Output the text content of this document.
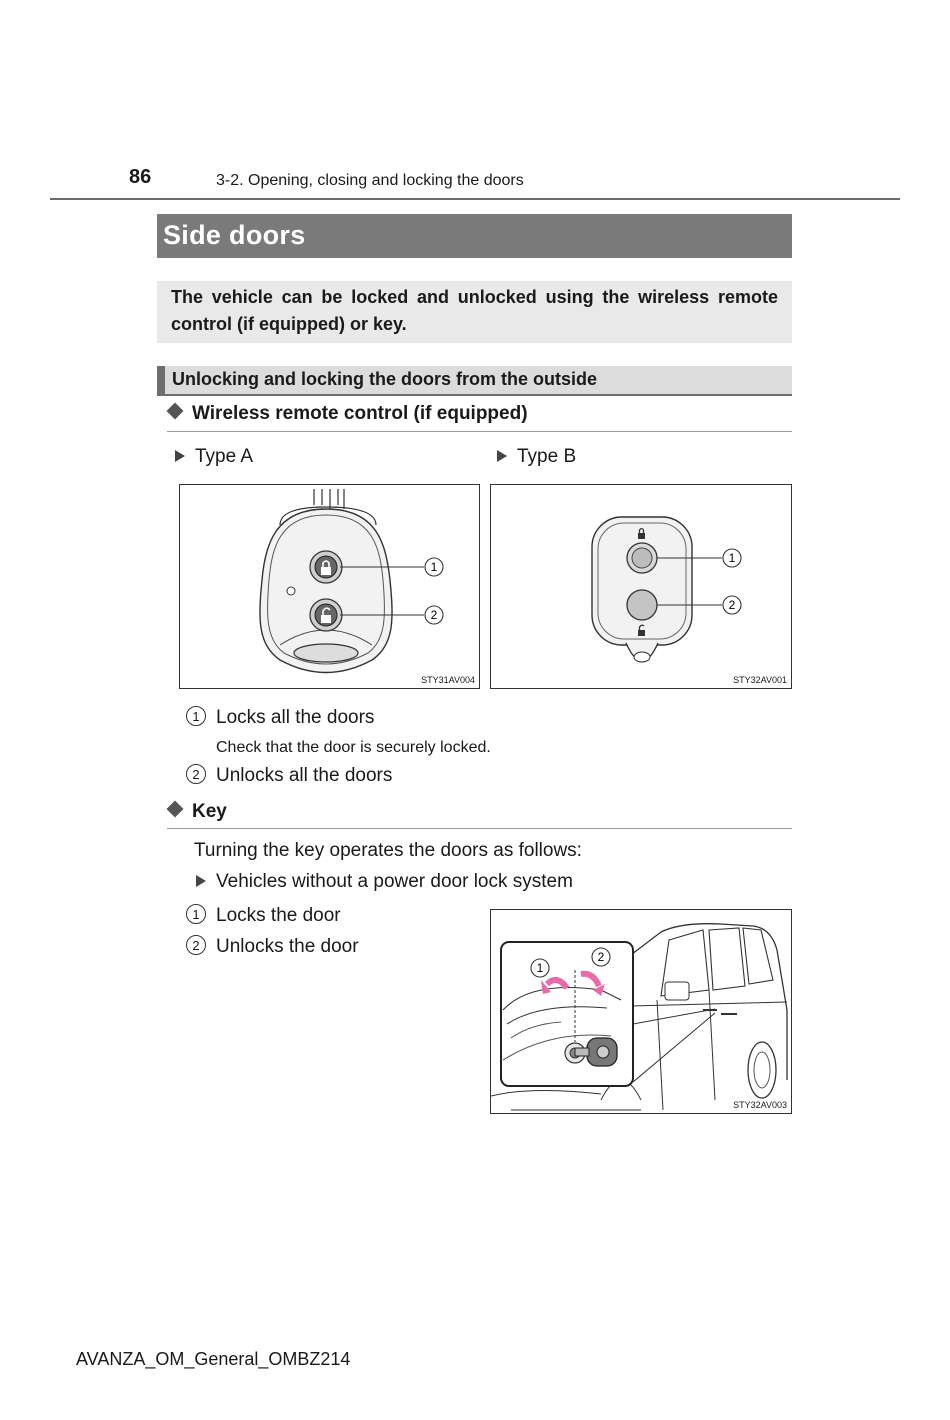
86	3-2. Opening, closing and locking the doors
Side doors
The vehicle can be locked and unlocked using the wireless remote control (if equipped) or key.
Unlocking and locking the doors from the outside
Wireless remote control (if equipped)
Type A	Type B
1
2
STY31AV004
1
2
STY32AV001
1 Locks all the doors
Check that the door is securely locked.
2 Unlocks all the doors
Key
Turning the key operates the doors as follows:
Vehicles without a power door lock system
1 Locks the door
2 Unlocks the door
1
2
STY32AV003
AVANZA_OM_General_OMBZ214
